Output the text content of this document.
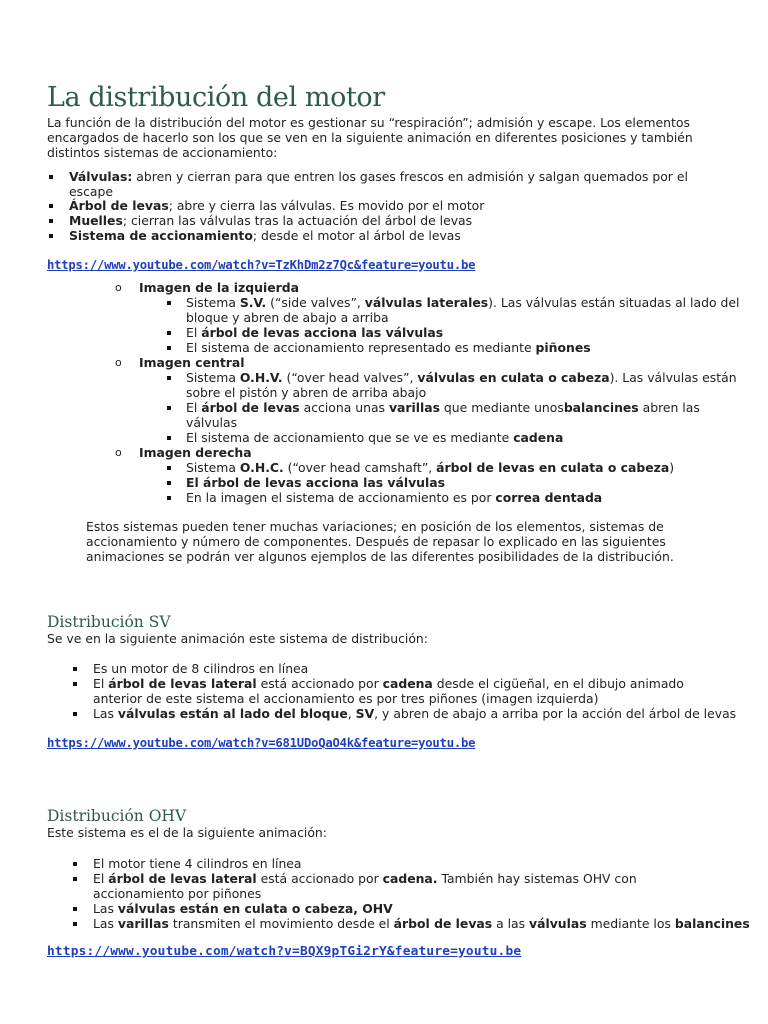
La distribución del motor
La función de la distribución del motor es gestionar su “respiración”; admisión y escape. Los elementos
encargados de hacerlo son los que se ven en la siguiente animación en diferentes posiciones y también
distintos sistemas de accionamiento:
Válvulas: abren y cierran para que entren los gases frescos en admisión y salgan quemados por el
escape
Árbol de levas; abre y cierra las válvulas. Es movido por el motor
Muelles; cierran las válvulas tras la actuación del árbol de levas
Sistema de accionamiento; desde el motor al árbol de levas
https://www.youtube.com/watch?v=TzKhDm2z7Qc&feature=youtu.be
o Imagen de la izquierda
Sistema S.V. (“side valves”, válvulas laterales). Las válvulas están situadas al lado del
bloque y abren de abajo a arriba
El árbol de levas acciona las válvulas
El sistema de accionamiento representado es mediante piñones
o Imagen central
Sistema O.H.V. (“over head valves”, válvulas en culata o cabeza). Las válvulas están
sobre el pistón y abren de arriba abajo
El árbol de levas acciona unas varillas que mediante unosbalancines abren las
válvulas
El sistema de accionamiento que se ve es mediante cadena
o Imagen derecha
Sistema O.H.C. (“over head camshaft”, árbol de levas en culata o cabeza)
El árbol de levas acciona las válvulas
En la imagen el sistema de accionamiento es por correa dentada
Estos sistemas pueden tener muchas variaciones; en posición de los elementos, sistemas de
accionamiento y número de componentes. Después de repasar lo explicado en las siguientes
animaciones se podrán ver algunos ejemplos de las diferentes posibilidades de la distribución.
Distribución SV
Se ve en la siguiente animación este sistema de distribución:
Es un motor de 8 cilindros en línea
El árbol de levas lateral está accionado por cadena desde el cigüeñal, en el dibujo animado
anterior de este sistema el accionamiento es por tres piñones (imagen izquierda)
Las válvulas están al lado del bloque, SV, y abren de abajo a arriba por la acción del árbol de levas
https://www.youtube.com/watch?v=681UDoQaO4k&feature=youtu.be
Distribución OHV
Este sistema es el de la siguiente animación:
El motor tiene 4 cilindros en línea
El árbol de levas lateral está accionado por cadena. También hay sistemas OHV con
accionamiento por piñones
Las válvulas están en culata o cabeza, OHV
Las varillas transmiten el movimiento desde el árbol de levas a las válvulas mediante los balancines
https://www.youtube.com/watch?v=BQX9pTGi2rY&feature=youtu.be
